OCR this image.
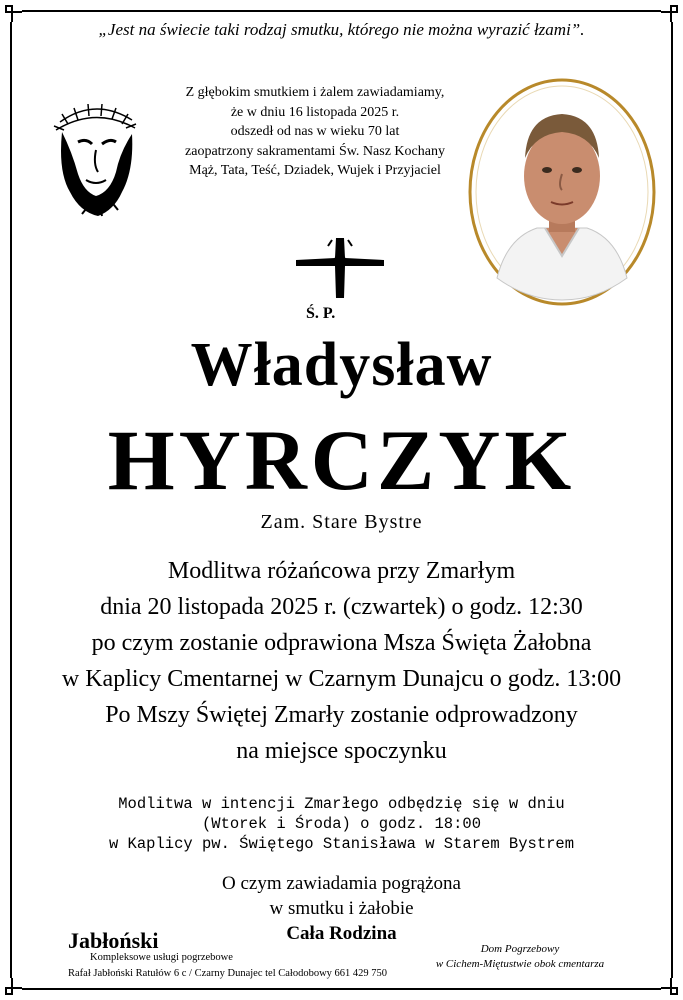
„Jest na świecie taki rodzaj smutku, którego nie można wyrazić łzami”.
Z głębokim smutkiem i żalem zawiadamiamy,
że w dniu 16 listopada 2025 r.
odszedł od nas w wieku 70 lat
zaopatrzony sakramentami Św. Nasz Kochany
Mąż, Tata, Teść, Dziadek, Wujek i Przyjaciel
Ś. P.
Władysław
HYRCZYK
Zam. Stare Bystre
Modlitwa różańcowa przy Zmarłym
dnia 20 listopada 2025 r. (czwartek) o godz. 12:30
po czym zostanie odprawiona Msza Święta Żałobna
w Kaplicy Cmentarnej w Czarnym Dunajcu o godz. 13:00
Po Mszy Świętej Zmarły zostanie odprowadzony
na miejsce spoczynku
Modlitwa w intencji Zmarłego odbędzię się w dniu
(Wtorek i Środa) o godz. 18:00
w Kaplicy pw. Świętego Stanisława w Starem Bystrem
O czym zawiadamia pogrążona
w smutku i żałobie
Cała Rodzina
Jabłoński
Kompleksowe usługi pogrzebowe
Rafał Jabłoński Ratułów 6 c / Czarny Dunajec tel Całodobowy 661 429 750
Dom Pogrzebowy
w Cichem-Miętustwie obok cmentarza
